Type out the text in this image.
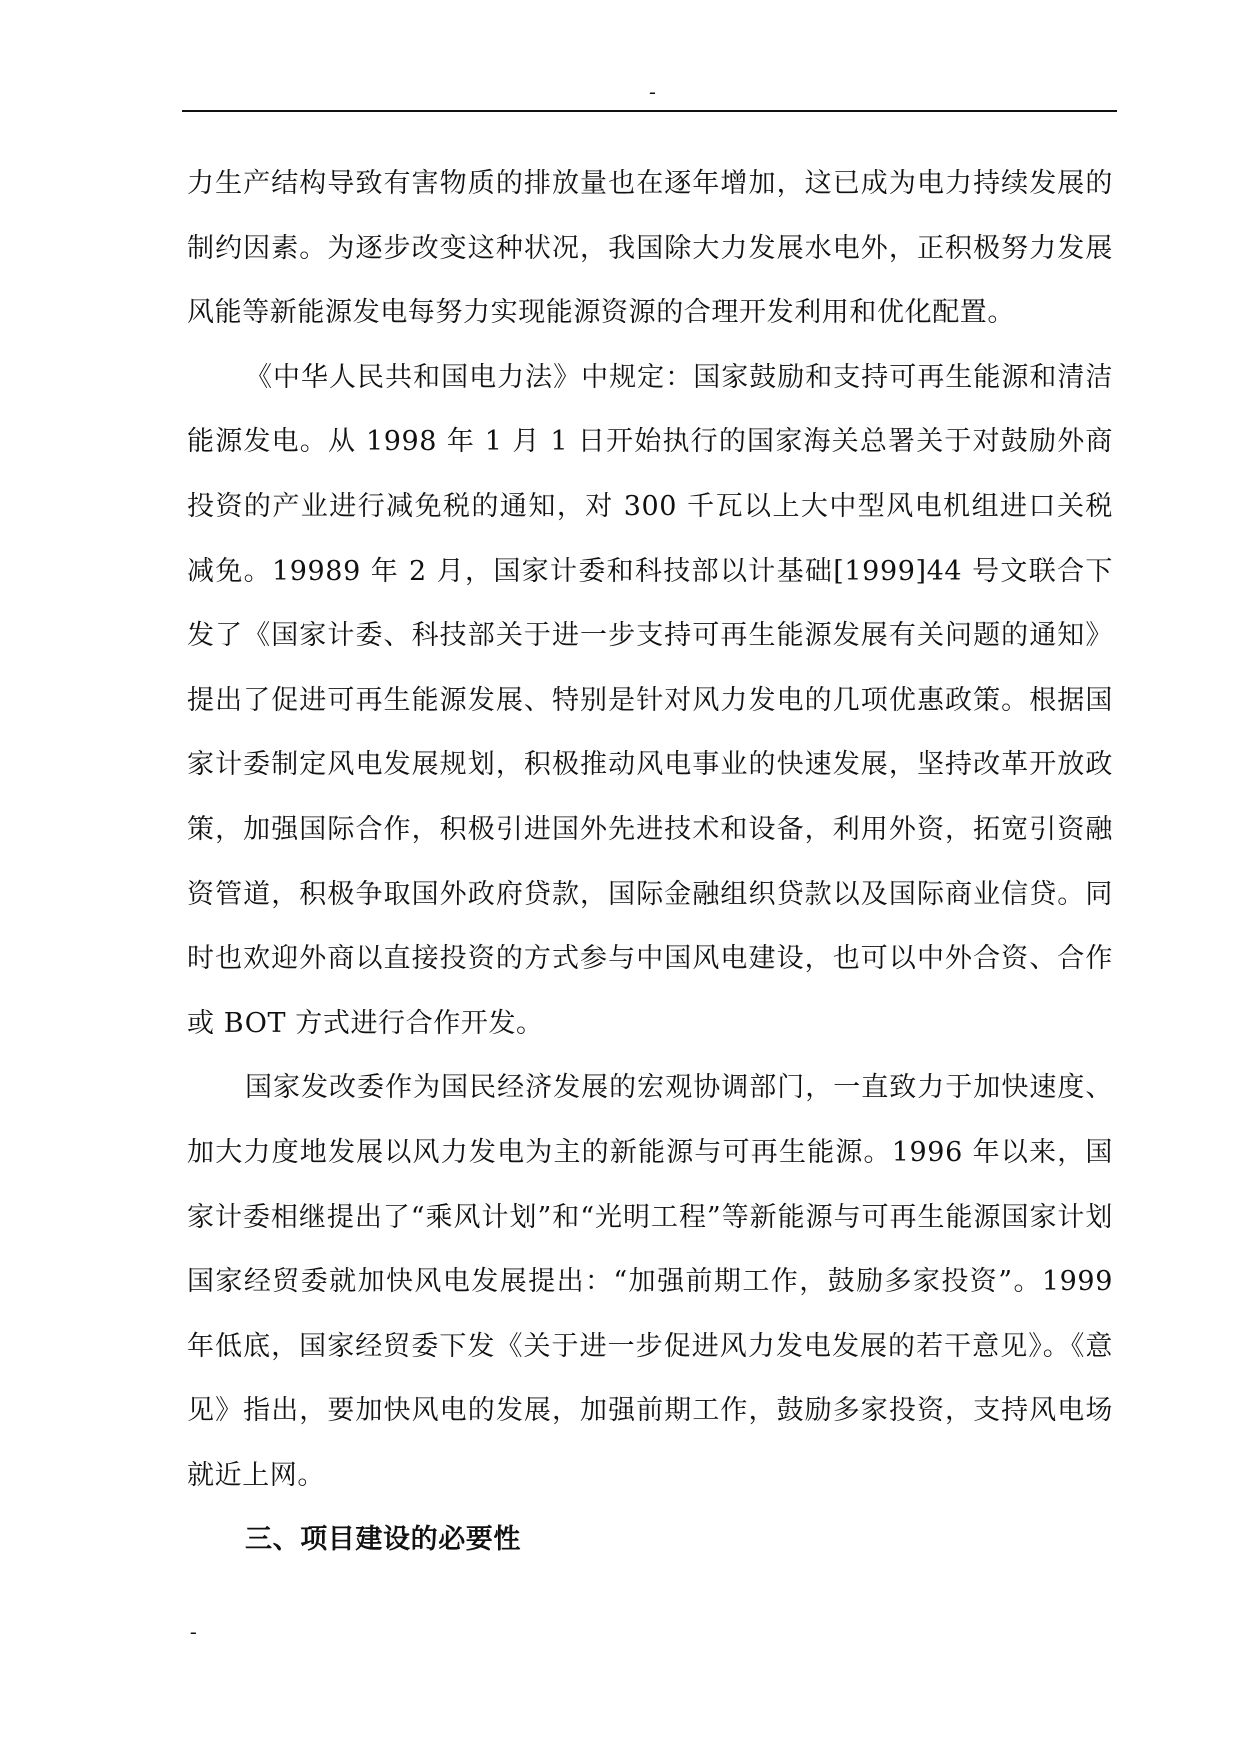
-

力生产结构导致有害物质的排放量也在逐年增加，这已成为电力持续发展的制约因素。为逐步改变这种状况，我国除大力发展水电外，正积极努力发展风能等新能源发电每努力实现能源资源的合理开发利用和优化配置。

《中华人民共和国电力法》中规定：国家鼓励和支持可再生能源和清洁能源发电。从 1998 年 1 月 1 日开始执行的国家海关总署关于对鼓励外商投资的产业进行减免税的通知，对 300 千瓦以上大中型风电机组进口关税减免。19989 年 2 月，国家计委和科技部以计基础[1999]44 号文联合下发了《国家计委、科技部关于进一步支持可再生能源发展有关问题的通知》提出了促进可再生能源发展、特别是针对风力发电的几项优惠政策。根据国家计委制定风电发展规划，积极推动风电事业的快速发展，坚持改革开放政策，加强国际合作，积极引进国外先进技术和设备，利用外资，拓宽引资融资管道，积极争取国外政府贷款，国际金融组织贷款以及国际商业信贷。同时也欢迎外商以直接投资的方式参与中国风电建设，也可以中外合资、合作或 BOT 方式进行合作开发。

国家发改委作为国民经济发展的宏观协调部门，一直致力于加快速度、加大力度地发展以风力发电为主的新能源与可再生能源。1996 年以来，国家计委相继提出了“乘风计划”和“光明工程”等新能源与可再生能源国家计划国家经贸委就加快风电发展提出：“加强前期工作，鼓励多家投资”。1999 年低底，国家经贸委下发《关于进一步促进风力发电发展的若干意见》。《意见》指出，要加快风电的发展，加强前期工作，鼓励多家投资，支持风电场就近上网。

三、项目建设的必要性

-
